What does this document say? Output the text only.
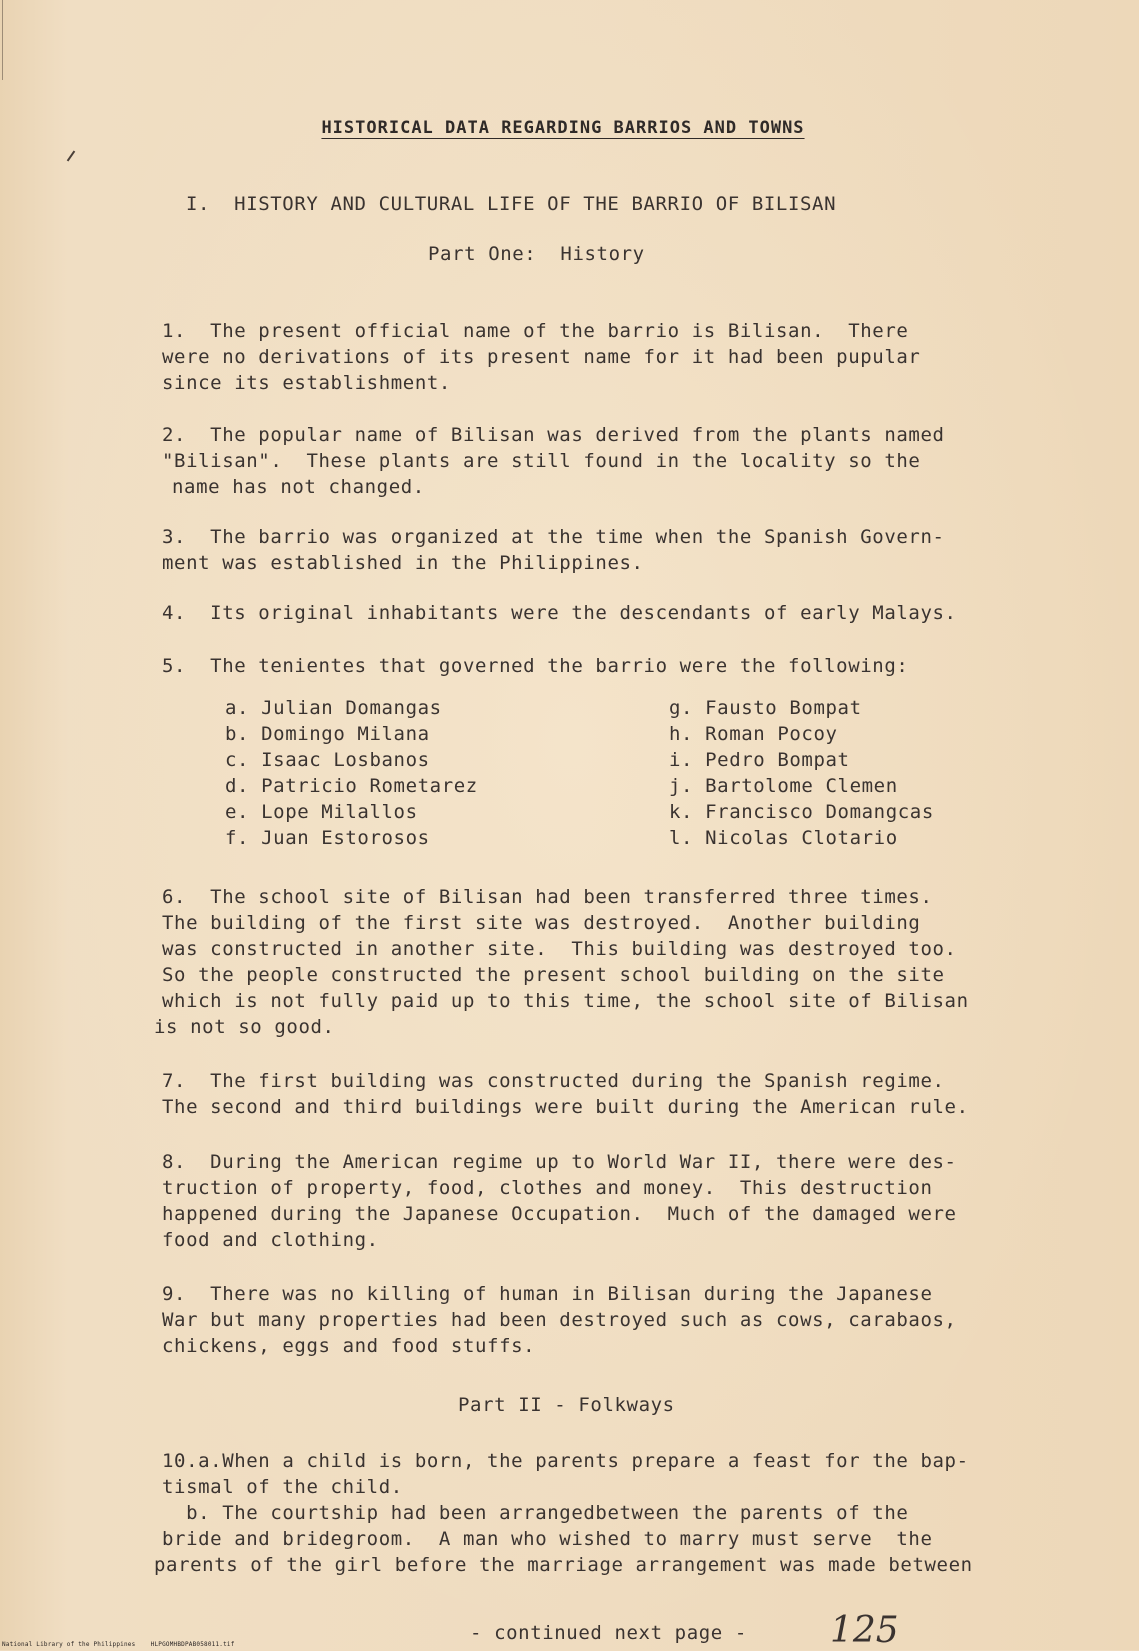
HISTORICAL DATA REGARDING BARRIOS AND TOWNS
I.  HISTORY AND CULTURAL LIFE OF THE BARRIO OF BILISAN
Part One:  History
1.  The present official name of the barrio is Bilisan.  There
were no derivations of its present name for it had been pupular
since its establishment.
2.  The popular name of Bilisan was derived from the plants named
"Bilisan".  These plants are still found in the locality so the
name has not changed.
3.  The barrio was organized at the time when the Spanish Govern-
ment was established in the Philippines.
4.  Its original inhabitants were the descendants of early Malays.
5.  The tenientes that governed the barrio were the following:
a. Julian Domangas
b. Domingo Milana
c. Isaac Losbanos
d. Patricio Rometarez
e. Lope Milallos
f. Juan Estorosos
g. Fausto Bompat
h. Roman Pocoy
i. Pedro Bompat
j. Bartolome Clemen
k. Francisco Domangcas
l. Nicolas Clotario
6.  The school site of Bilisan had been transferred three times.
The building of the first site was destroyed.  Another building
was constructed in another site.  This building was destroyed too.
So the people constructed the present school building on the site
which is not fully paid up to this time, the school site of Bilisan
is not so good.
7.  The first building was constructed during the Spanish regime.
The second and third buildings were built during the American rule.
8.  During the American regime up to World War II, there were des-
truction of property, food, clothes and money.  This destruction
happened during the Japanese Occupation.  Much of the damaged were
food and clothing.
9.  There was no killing of human in Bilisan during the Japanese
War but many properties had been destroyed such as cows, carabaos,
chickens, eggs and food stuffs.
Part II - Folkways
10.a.When a child is born, the parents prepare a feast for the bap-
tismal of the child.
b. The courtship had been arrangedbetween the parents of the
bride and bridegroom.  A man who wished to marry must serve  the
parents of the girl before the marriage arrangement was made between
- continued next page - 125
National Library of the Philippines    HLPGOMHBDPAB058011.tif
